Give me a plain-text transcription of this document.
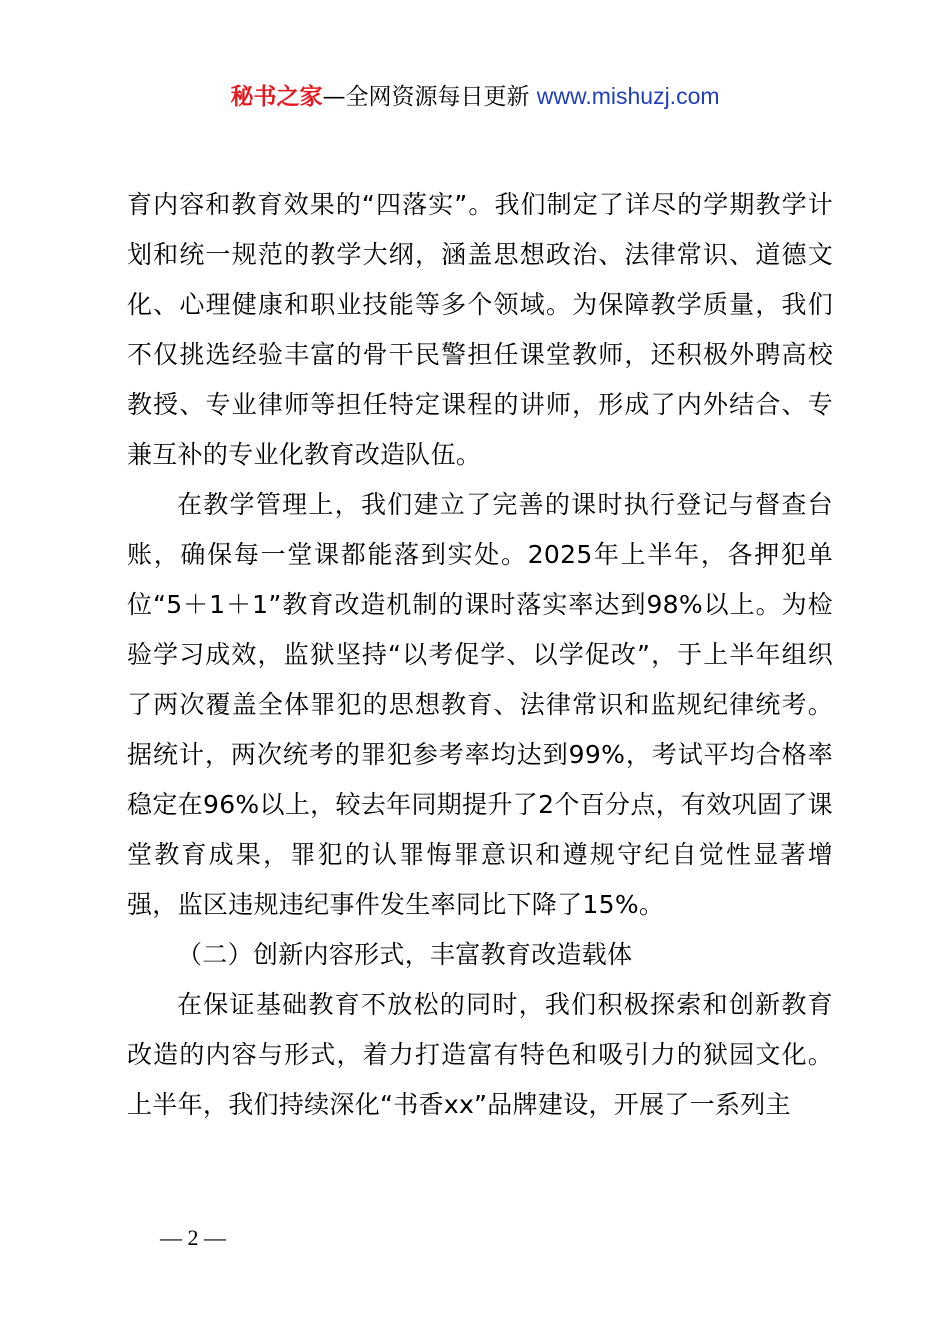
秘书之家—全网资源每日更新 www.mishuzj.com

育内容和教育效果的“四落实”。我们制定了详尽的学期教学计划和统一规范的教学大纲，涵盖思想政治、法律常识、道德文化、心理健康和职业技能等多个领域。为保障教学质量，我们不仅挑选经验丰富的骨干民警担任课堂教师，还积极外聘高校教授、专业律师等担任特定课程的讲师，形成了内外结合、专兼互补的专业化教育改造队伍。

在教学管理上，我们建立了完善的课时执行登记与督查台账，确保每一堂课都能落到实处。2025年上半年，各押犯单位“5＋1＋1”教育改造机制的课时落实率达到98%以上。为检验学习成效，监狱坚持“以考促学、以学促改”，于上半年组织了两次覆盖全体罪犯的思想教育、法律常识和监规纪律统考。据统计，两次统考的罪犯参考率均达到99%，考试平均合格率稳定在96%以上，较去年同期提升了2个百分点，有效巩固了课堂教育成果，罪犯的认罪悔罪意识和遵规守纪自觉性显著增强，监区违规违纪事件发生率同比下降了15%。

（二）创新内容形式，丰富教育改造载体

在保证基础教育不放松的同时，我们积极探索和创新教育改造的内容与形式，着力打造富有特色和吸引力的狱园文化。上半年，我们持续深化“书香xx”品牌建设，开展了一系列主

— 2 —
